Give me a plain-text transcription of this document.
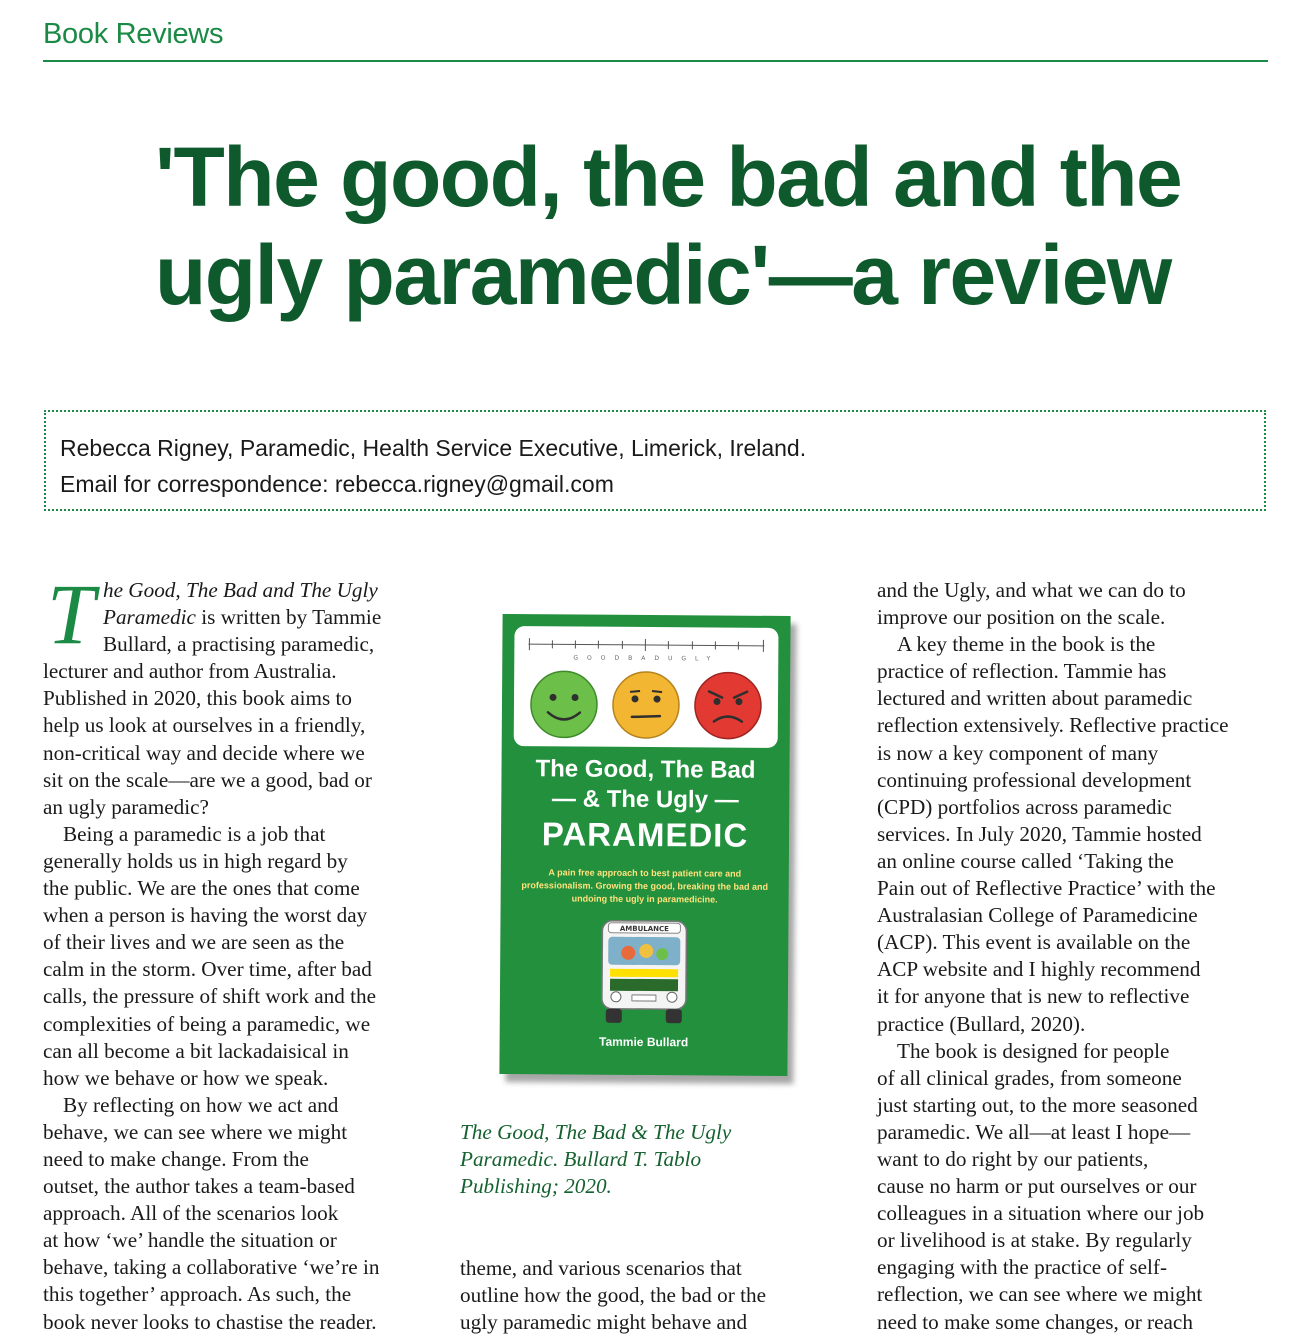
Book Reviews
'The good, the bad and the
ugly paramedic'—a review
Rebecca Rigney, Paramedic, Health Service Executive, Limerick, Ireland.
Email for correspondence: rebecca.rigney@gmail.com

T he Good, The Bad and The Ugly
Paramedic is written by Tammie
Bullard, a practising paramedic,
lecturer and author from Australia.
Published in 2020, this book aims to
help us look at ourselves in a friendly,
non-critical way and decide where we
sit on the scale—are we a good, bad or
an ugly paramedic?

Being a paramedic is a job that
generally holds us in high regard by
the public. We are the ones that come
when a person is having the worst day
of their lives and we are seen as the
calm in the storm. Over time, after bad
calls, the pressure of shift work and the
complexities of being a paramedic, we
can all become a bit lackadaisical in
how we behave or how we speak.

By reflecting on how we act and
behave, we can see where we might
need to make change. From the
outset, the author takes a team-based
approach. All of the scenarios look
at how ‘we’ handle the situation or
behave, taking a collaborative ‘we’re in
this together’ approach. As such, the
book never looks to chastise the reader.

GOODBADUGLY
The Good, The Bad
— & The Ugly —
PARAMEDIC
A pain free approach to best patient care and professionalism. Growing the good, breaking the bad and undoing the ugly in paramedicine.
AMBULANCE
Tammie Bullard
The Good, The Bad & The Ugly
Paramedic. Bullard T. Tablo
Publishing; 2020.

theme, and various scenarios that
outline how the good, the bad or the
ugly paramedic might behave and

and the Ugly, and what we can do to
improve our position on the scale.

A key theme in the book is the
practice of reflection. Tammie has
lectured and written about paramedic
reflection extensively. Reflective practice
is now a key component of many
continuing professional development
(CPD) portfolios across paramedic
services. In July 2020, Tammie hosted
an online course called ‘Taking the
Pain out of Reflective Practice’ with the
Australasian College of Paramedicine
(ACP). This event is available on the
ACP website and I highly recommend
it for anyone that is new to reflective
practice (Bullard, 2020).

The book is designed for people
of all clinical grades, from someone
just starting out, to the more seasoned
paramedic. We all—at least I hope—
want to do right by our patients,
cause no harm or put ourselves or our
colleagues in a situation where our job
or livelihood is at stake. By regularly
engaging with the practice of self-
reflection, we can see where we might
need to make some changes, or reach
